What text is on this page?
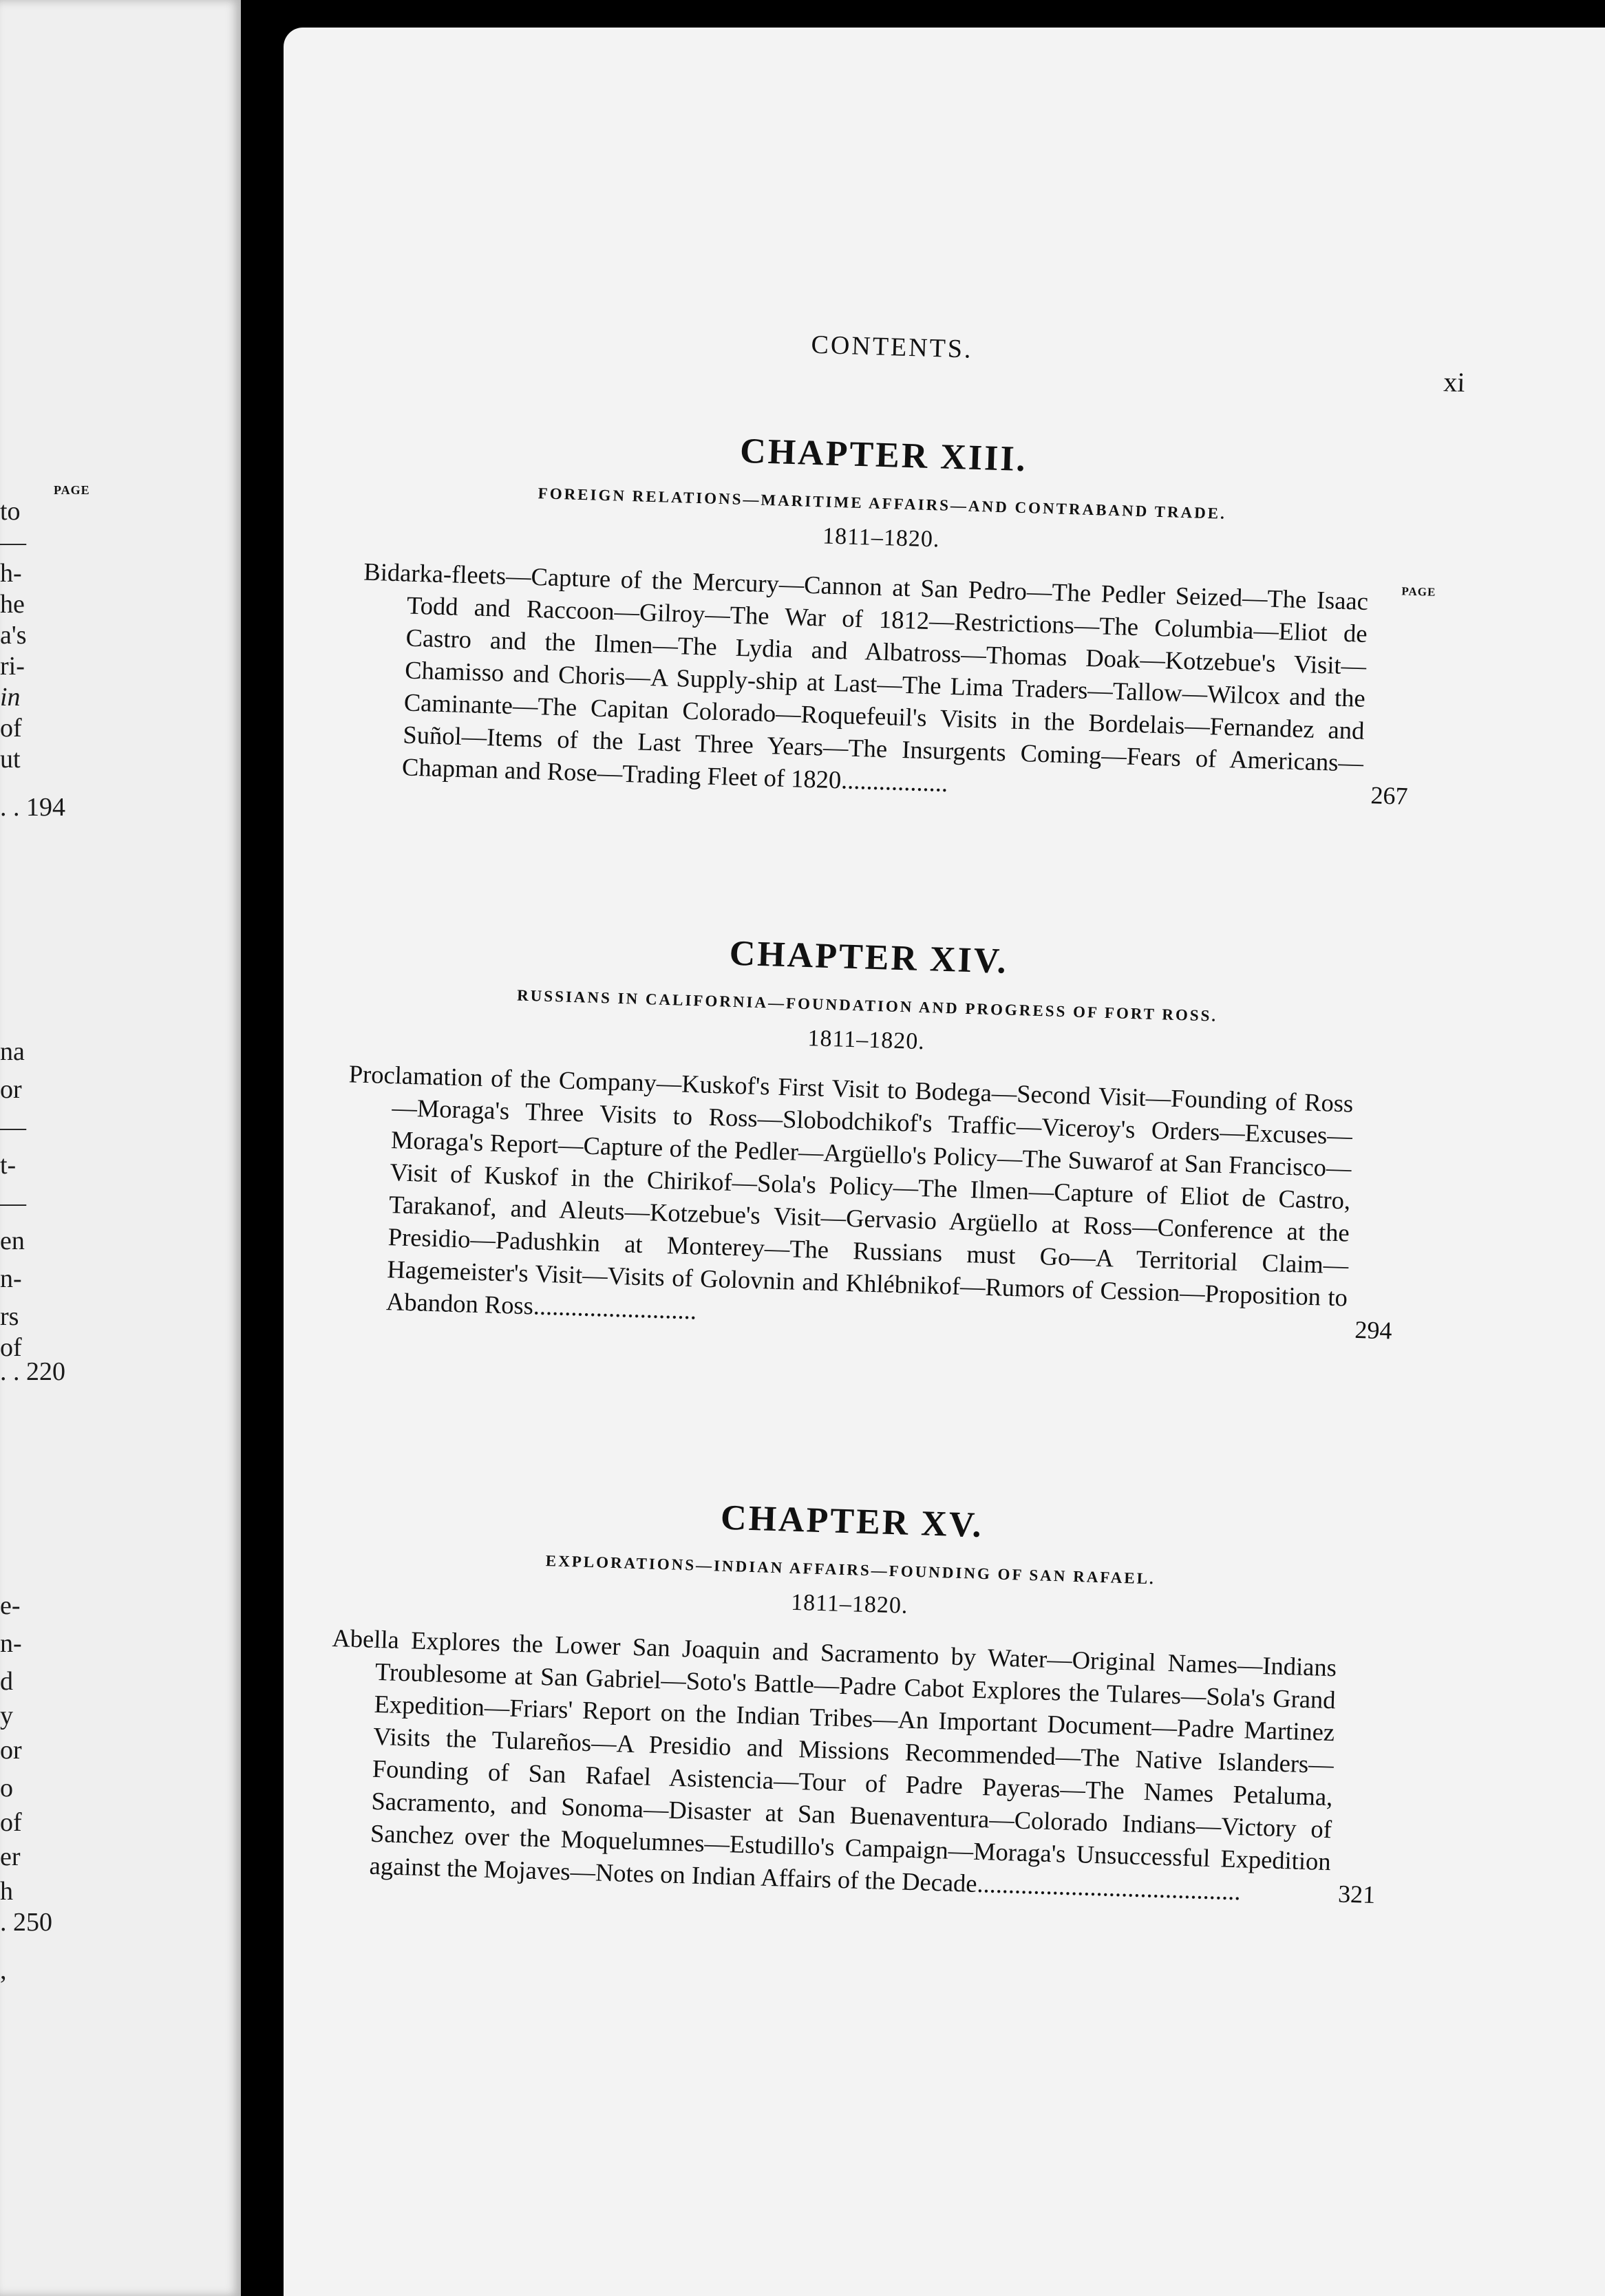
PAGE
to
—
h-
he
a's
ri-
in
of
ut
. . 194
na
or
—
t-
—
en
n-
rs
of
. . 220
e-
n-
d
y
or
o
of
er
h
. 250
,
CONTENTS.
xi
CHAPTER XIII.
FOREIGN RELATIONS—MARITIME AFFAIRS—AND CONTRABAND TRADE.
1811–1820.
PAGE
Bidarka-fleets—Capture of the Mercury—Cannon at San Pedro—The Pedler Seized—The Isaac Todd and Raccoon—Gilroy—The War of 1812—Restrictions—The Columbia—Eliot de Castro and the Ilmen—The Lydia and Albatross—Thomas Doak—Kotzebue's Visit—Chamisso and Choris—A Supply-ship at Last—The Lima Traders—Tallow—Wilcox and the Caminante—The Capitan Colorado—Roquefeuil's Visits in the Bordelais—Fernandez and Suñol—Items of the Last Three Years—The Insurgents Coming—Fears of Americans—Chapman and Rose—Trading Fleet of 1820.................	267
CHAPTER XIV.
RUSSIANS IN CALIFORNIA—FOUNDATION AND PROGRESS OF FORT ROSS.
1811–1820.
Proclamation of the Company—Kuskof's First Visit to Bodega—Second Visit—Founding of Ross—Moraga's Three Visits to Ross—Slobodchikof's Traffic—Viceroy's Orders—Excuses—Moraga's Report—Capture of the Pedler—Argüello's Policy—The Suwarof at San Francisco—Visit of Kuskof in the Chirikof—Sola's Policy—The Ilmen—Capture of Eliot de Castro, Tarakanof, and Aleuts—Kotzebue's Visit—Gervasio Argüello at Ross—Conference at the Presidio—Padushkin at Monterey—The Russians must Go—A Territorial Claim—Hagemeister's Visit—Visits of Golovnin and Khlébnikof—Rumors of Cession—Proposition to Abandon Ross..........................
294
CHAPTER XV.
EXPLORATIONS—INDIAN AFFAIRS—FOUNDING OF SAN RAFAEL.
1811–1820.
Abella Explores the Lower San Joaquin and Sacramento by Water—Original Names—Indians Troublesome at San Gabriel—Soto's Battle—Padre Cabot Explores the Tulares—Sola's Grand Expedition—Friars' Report on the Indian Tribes—An Important Document—Padre Martinez Visits the Tulareños—A Presidio and Missions Recommended—The Native Islanders—Founding of San Rafael Asistencia—Tour of Padre Payeras—The Names Petaluma, Sacramento, and Sonoma—Disaster at San Buenaventura—Colorado Indians—Victory of Sanchez over the Moquelumnes—Estudillo's Campaign—Moraga's Unsuccessful Expedition against the Mojaves—Notes on Indian Affairs of the Decade..........................................	321
